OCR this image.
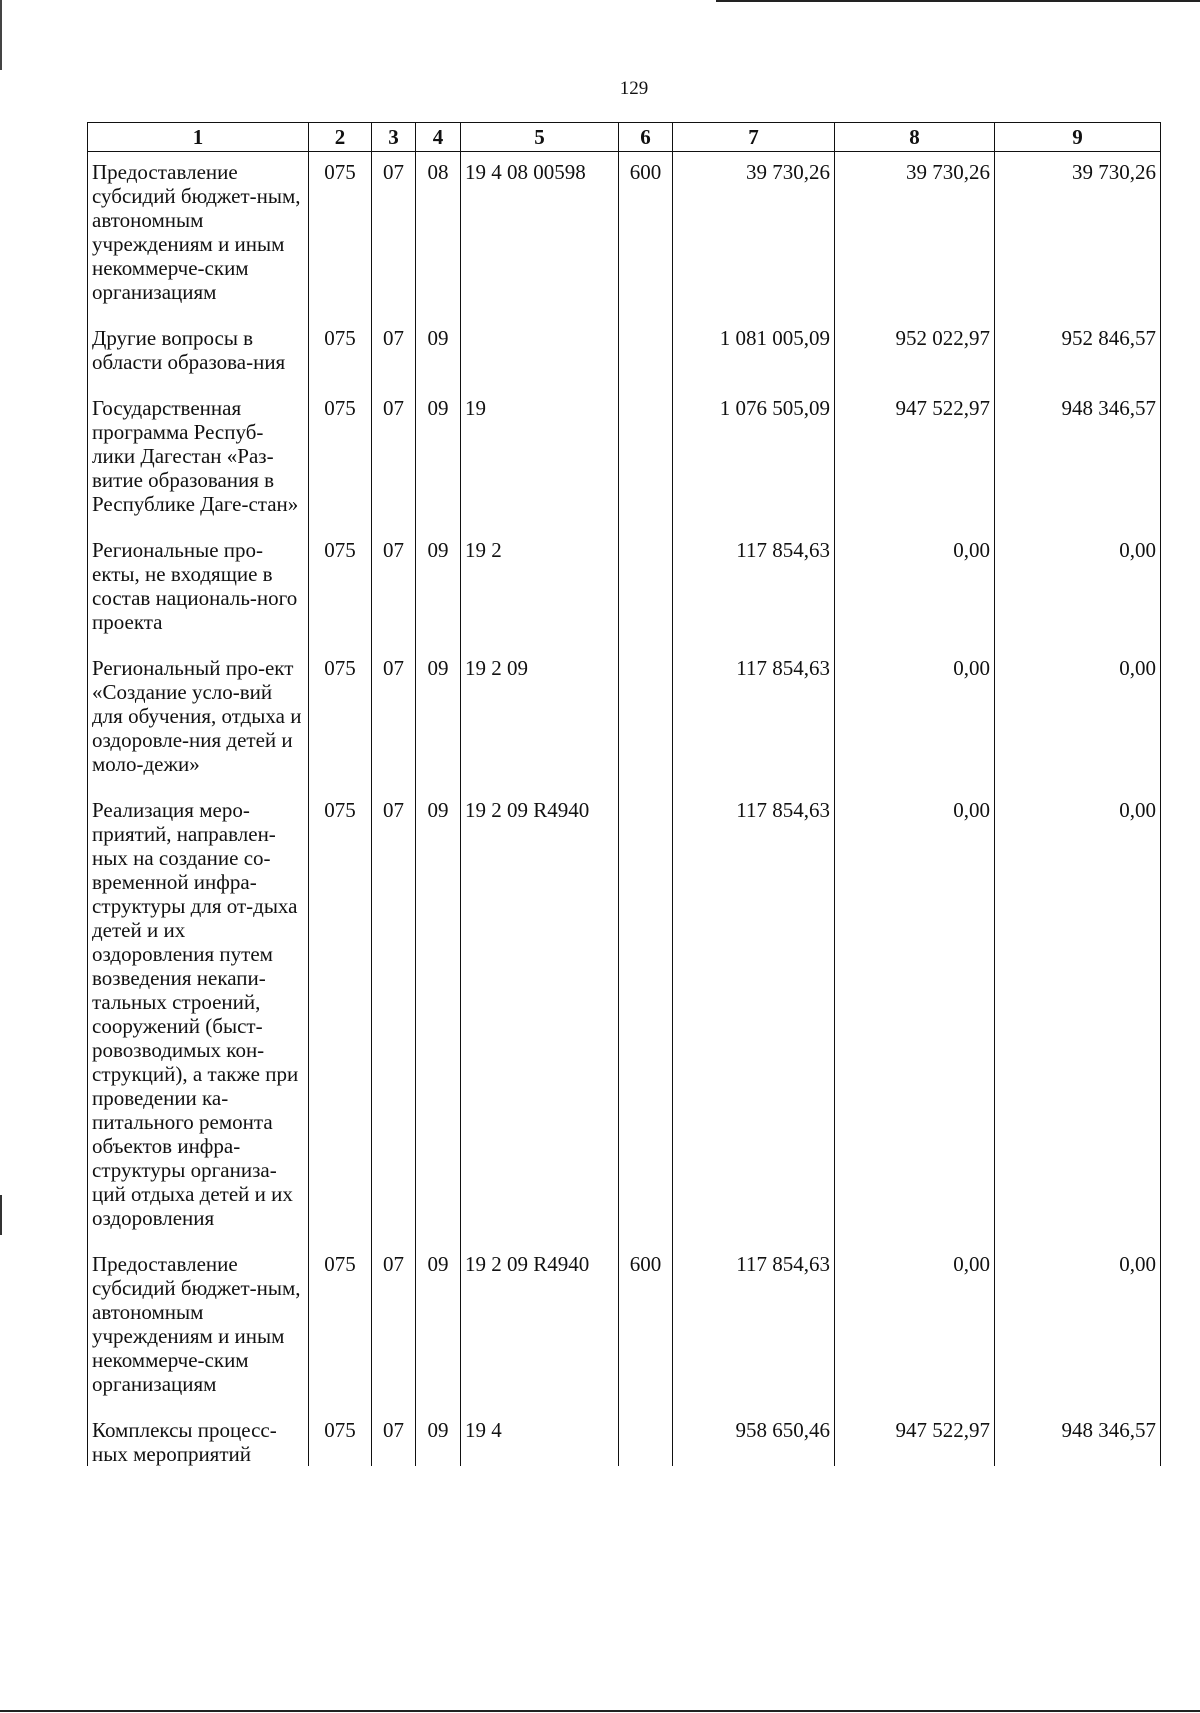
129
1	2	3	4	5	6	7	8	9
Предоставление субсидий бюджет-ным, автономным учреждениям и иным некоммерче-ским организациям	075	07	08	19 4 08 00598	600	39 730,26	39 730,26	39 730,26
Другие вопросы в области образова-ния	075	07	09			1 081 005,09	952 022,97	952 846,57
Государственная программа Респуб-лики Дагестан «Раз-витие образования в Республике Даге-стан»	075	07	09	19		1 076 505,09	947 522,97	948 346,57
Региональные про-екты, не входящие в состав националь-ного проекта	075	07	09	19 2		117 854,63	0,00	0,00
Региональный про-ект «Создание усло-вий для обучения, отдыха и оздоровле-ния детей и моло-дежи»	075	07	09	19 2 09		117 854,63	0,00	0,00
Реализация меро-приятий, направлен-ных на создание со-временной инфра-структуры для от-дыха детей и их оздоровления путем возведения некапи-тальных строений, сооружений (быст-ровозводимых кон-струкций), а также при проведении ка-питального ремонта объектов инфра-структуры организа-ций отдыха детей и их оздоровления	075	07	09	19 2 09 R4940		117 854,63	0,00	0,00
Предоставление субсидий бюджет-ным, автономным учреждениям и иным некоммерче-ским организациям	075	07	09	19 2 09 R4940	600	117 854,63	0,00	0,00
Комплексы процесс-ных мероприятий	075	07	09	19 4		958 650,46	947 522,97	948 346,57
